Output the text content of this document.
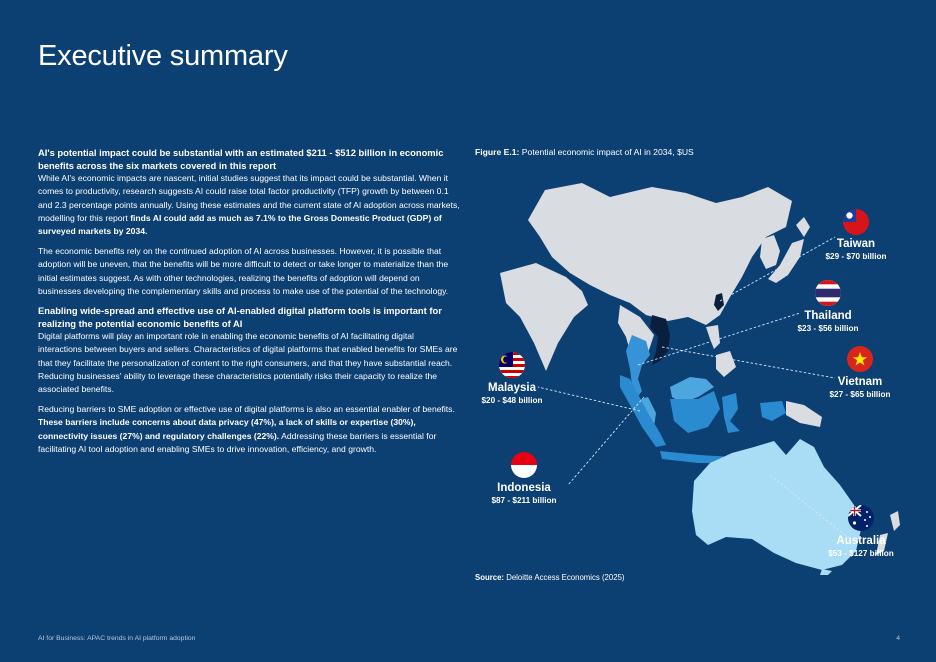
Executive summary

AI's potential impact could be substantial with an estimated $211 - $512 billion in economic benefits across the six markets covered in this report
While AI's economic impacts are nascent, initial studies suggest that its impact could be substantial. When it comes to productivity, research suggests AI could raise total factor productivity (TFP) growth by between 0.1 and 2.3 percentage points annually. Using these estimates and the current state of AI adoption across markets, modelling for this report finds AI could add as much as 7.1% to the Gross Domestic Product (GDP) of surveyed markets by 2034.

The economic benefits rely on the continued adoption of AI across businesses. However, it is possible that adoption will be uneven, that the benefits will be more difficult to detect or take longer to materialize than the initial estimates suggest. As with other technologies, realizing the benefits of adoption will depend on businesses developing the complementary skills and process to make use of the potential of the technology.

Enabling wide-spread and effective use of AI-enabled digital platform tools is important for realizing the potential economic benefits of AI
Digital platforms will play an important role in enabling the economic benefits of AI facilitating digital interactions between buyers and sellers. Characteristics of digital platforms that enabled benefits for SMEs are that they facilitate the personalization of content to the right consumers, and that they have substantial reach. Reducing businesses' ability to leverage these characteristics potentially risks their capacity to realize the associated benefits.

Reducing barriers to SME adoption or effective use of digital platforms is also an essential enabler of benefits. These barriers include concerns about data privacy (47%), a lack of skills or expertise (30%), connectivity issues (27%) and regulatory challenges (22%). Addressing these barriers is essential for facilitating AI tool adoption and enabling SMEs to drive innovation, efficiency, and growth.

Figure E.1: Potential economic impact of AI in 2034, $US
Taiwan
$29 - $70 billion
Thailand
$23 - $56 billion
Vietnam
$27 - $65 billion
Malaysia
$20 - $48 billion
Indonesia
$87 - $211 billion
Australia
$53 - $127 billion
Source: Deloitte Access Economics (2025)
AI for Business: APAC trends in AI platform adoption	4
